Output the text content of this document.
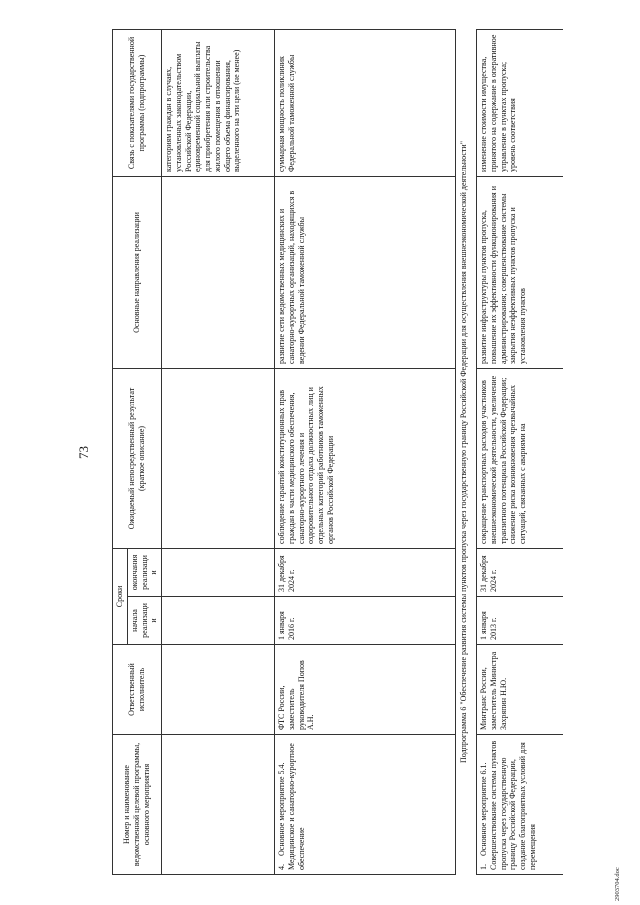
73
Номер и наименование ведомственной целевой программы, основного мероприятия	Ответственный исполнитель	Сроки		Ожидаемый непосредственный результат (краткое описание)	Основные направления реализации	Связь с показателями государственной программы (подпрограммы)
		начала реализации	окончания реализации			
						категориям граждан в случаях, установленных законодательством Российской Федерации, единовременной социальной выплаты для приобретения или строительства жилого помещения в отношении общего объема финансирования, выделенного на эти цели (не менее)
4.Основное мероприятие 5.4. Медицинское и санаторно-курортное обеспечение	ФТС России, заместитель руководителя Попов А.Н.	1 января 2016 г.	31 декабря 2024 г.	соблюдение гарантий конституционных прав граждан в части медицинского обеспечения, санаторно-курортного лечения и оздоровительного отдыха должностных лиц и отдельных категорий работников таможенных органов Российской Федерации	развитие сети ведомственных медицинских и санаторно-курортных организаций, находящихся в ведении Федеральной таможенной службы	суммарная мощность поликлиник Федеральной таможенной службы
Подпрограмма 6 "Обеспечение развития системы пунктов пропуска через государственную границу Российской Федерации для осуществления внешнеэкономической деятельности"						
1.Основное мероприятие 6.1. Совершенствование системы пунктов пропуска через государственную границу Российской Федерации, создание благоприятных условий для перемещения	Минтранс России, заместитель Министра Захряпин Н.Ю.	1 января 2013 г.	31 декабря 2024 г.	сокращение транспортных расходов участников внешнеэкономической деятельности, увеличение транзитного потенциала Российской Федерации; снижение риска возникновения чрезвычайных ситуаций, связанных с авариями на	развитие инфраструктуры пунктов пропуска, повышение их эффективности функционирования и администрирования; совершенствование системы закрытия неэффективных пунктов пропуска и установления пунктов	изменение стоимости имущества, принятого на содержание в оперативное управление в пунктах пропуска; уровень соответствия
2903704.doc
